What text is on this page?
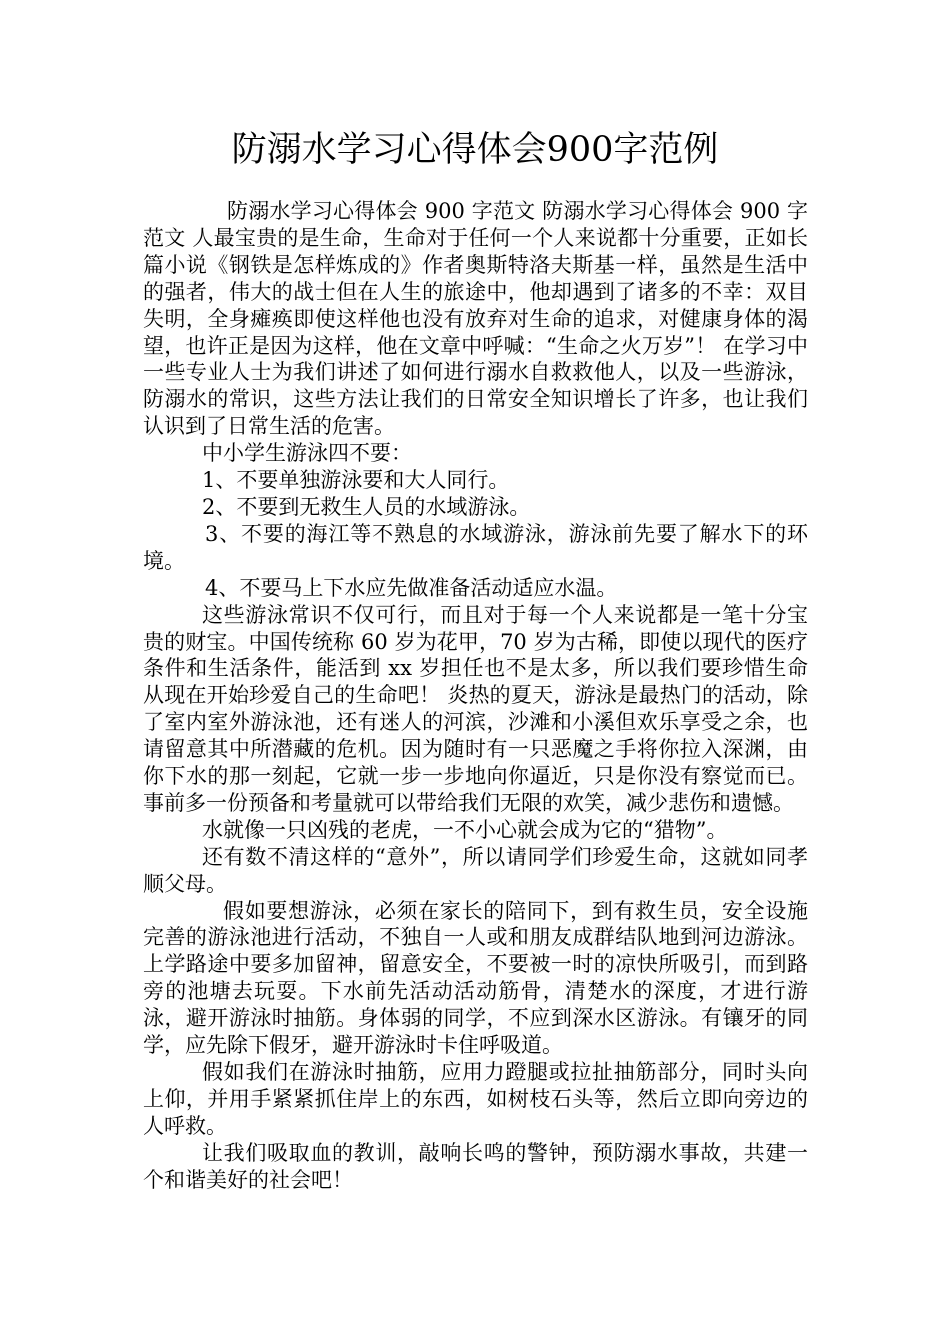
防溺水学习心得体会900字范例

防溺水学习心得体会 900 字范文 防溺水学习心得体会 900 字范文 人最宝贵的是生命，生命对于任何一个人来说都十分重要，正如长篇小说《钢铁是怎样炼成的》作者奥斯特洛夫斯基一样，虽然是生活中的强者，伟大的战士但在人生的旅途中，他却遇到了诸多的不幸：双目失明，全身瘫痪即使这样他也没有放弃对生命的追求，对健康身体的渴望，也许正是因为这样，他在文章中呼喊：“生命之火万岁”！ 在学习中一些专业人士为我们讲述了如何进行溺水自救救他人，以及一些游泳，防溺水的常识，这些方法让我们的日常安全知识增长了许多，也让我们认识到了日常生活的危害。

中小学生游泳四不要：

1、不要单独游泳要和大人同行。

2、不要到无救生人员的水域游泳。

3、不要的海江等不熟息的水域游泳，游泳前先要了解水下的环境。

4、不要马上下水应先做准备活动适应水温。

这些游泳常识不仅可行，而且对于每一个人来说都是一笔十分宝贵的财宝。中国传统称 60 岁为花甲，70 岁为古稀，即使以现代的医疗条件和生活条件，能活到 xx 岁担任也不是太多，所以我们要珍惜生命从现在开始珍爱自己的生命吧！ 炎热的夏天，游泳是最热门的活动，除了室内室外游泳池，还有迷人的河滨，沙滩和小溪但欢乐享受之余，也请留意其中所潜藏的危机。因为随时有一只恶魔之手将你拉入深渊，由你下水的那一刻起，它就一步一步地向你逼近，只是你没有察觉而已。事前多一份预备和考量就可以带给我们无限的欢笑，减少悲伤和遗憾。

水就像一只凶残的老虎，一不小心就会成为它的“猎物”。

还有数不清这样的“意外”，所以请同学们珍爱生命，这就如同孝顺父母。

假如要想游泳，必须在家长的陪同下，到有救生员，安全设施完善的游泳池进行活动，不独自一人或和朋友成群结队地到河边游泳。上学路途中要多加留神，留意安全，不要被一时的凉快所吸引，而到路旁的池塘去玩耍。下水前先活动活动筋骨，清楚水的深度，才进行游泳，避开游泳时抽筋。身体弱的同学，不应到深水区游泳。有镶牙的同学，应先除下假牙，避开游泳时卡住呼吸道。

假如我们在游泳时抽筋，应用力蹬腿或拉扯抽筋部分，同时头向上仰，并用手紧紧抓住岸上的东西，如树枝石头等，然后立即向旁边的人呼救。

让我们吸取血的教训，敲响长鸣的警钟，预防溺水事故，共建一个和谐美好的社会吧！
